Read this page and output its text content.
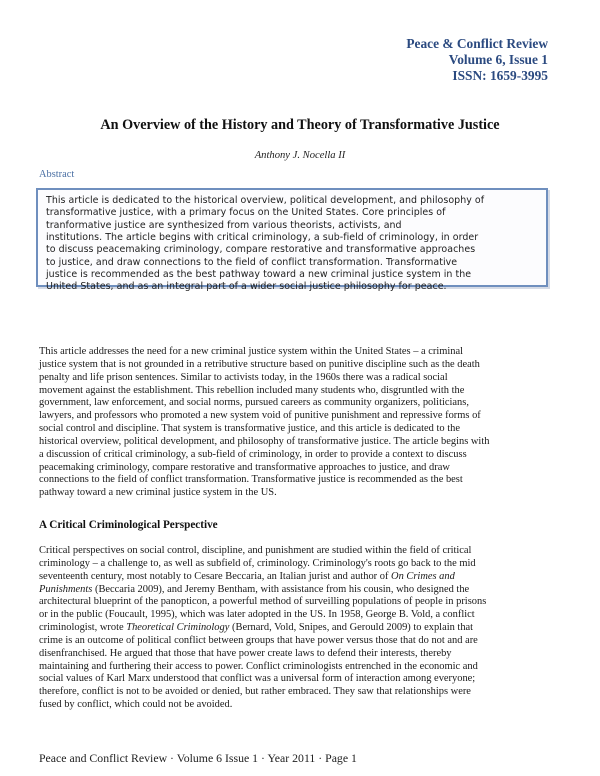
Peace & Conflict Review
Volume 6, Issue 1
ISSN: 1659-3995
An Overview of the History and Theory of Transformative Justice
Anthony J. Nocella II
Abstract
This article is dedicated to the historical overview, political development, and philosophy of
transformative justice, with a primary focus on the United States. Core principles of
tranformative justice are synthesized from various theorists, activists, and
institutions. The article begins with critical criminology, a sub-field of criminology, in order
to discuss peacemaking criminology, compare restorative and transformative approaches
to justice, and draw connections to the field of conflict transformation. Transformative
justice is recommended as the best pathway toward a new criminal justice system in the
United States, and as an integral part of a wider social justice philosophy for peace.
This article addresses the need for a new criminal justice system within the United States – a criminal
justice system that is not grounded in a retributive structure based on punitive discipline such as the death
penalty and life prison sentences. Similar to activists today, in the 1960s there was a radical social
movement against the establishment. This rebellion included many students who, disgruntled with the
government, law enforcement, and social norms, pursued careers as community organizers, politicians,
lawyers, and professors who promoted a new system void of punitive punishment and repressive forms of
social control and discipline. That system is transformative justice, and this article is dedicated to the
historical overview, political development, and philosophy of transformative justice. The article begins with
a discussion of critical criminology, a sub-field of criminology, in order to provide a context to discuss
peacemaking criminology, compare restorative and transformative approaches to justice, and draw
connections to the field of conflict transformation. Transformative justice is recommended as the best
pathway toward a new criminal justice system in the US.
A Critical Criminological Perspective
Critical perspectives on social control, discipline, and punishment are studied within the field of critical
criminology – a challenge to, as well as subfield of, criminology. Criminology's roots go back to the mid
seventeenth century, most notably to Cesare Beccaria, an Italian jurist and author of On Crimes and
Punishments (Beccaria 2009), and Jeremy Bentham, with assistance from his cousin, who designed the
architectural blueprint of the panopticon, a powerful method of surveilling populations of people in prisons
or in the public (Foucault, 1995), which was later adopted in the US. In 1958, George B. Vold, a conflict
criminologist, wrote Theoretical Criminology (Bernard, Vold, Snipes, and Gerould 2009) to explain that
crime is an outcome of political conflict between groups that have power versus those that do not and are
disenfranchised. He argued that those that have power create laws to defend their interests, thereby
maintaining and furthering their access to power. Conflict criminologists entrenched in the economic and
social values of Karl Marx understood that conflict was a universal form of interaction among everyone;
therefore, conflict is not to be avoided or denied, but rather embraced. They saw that relationships were
fused by conflict, which could not be avoided.
Peace and Conflict Review · Volume 6 Issue 1 · Year 2011 · Page 1
